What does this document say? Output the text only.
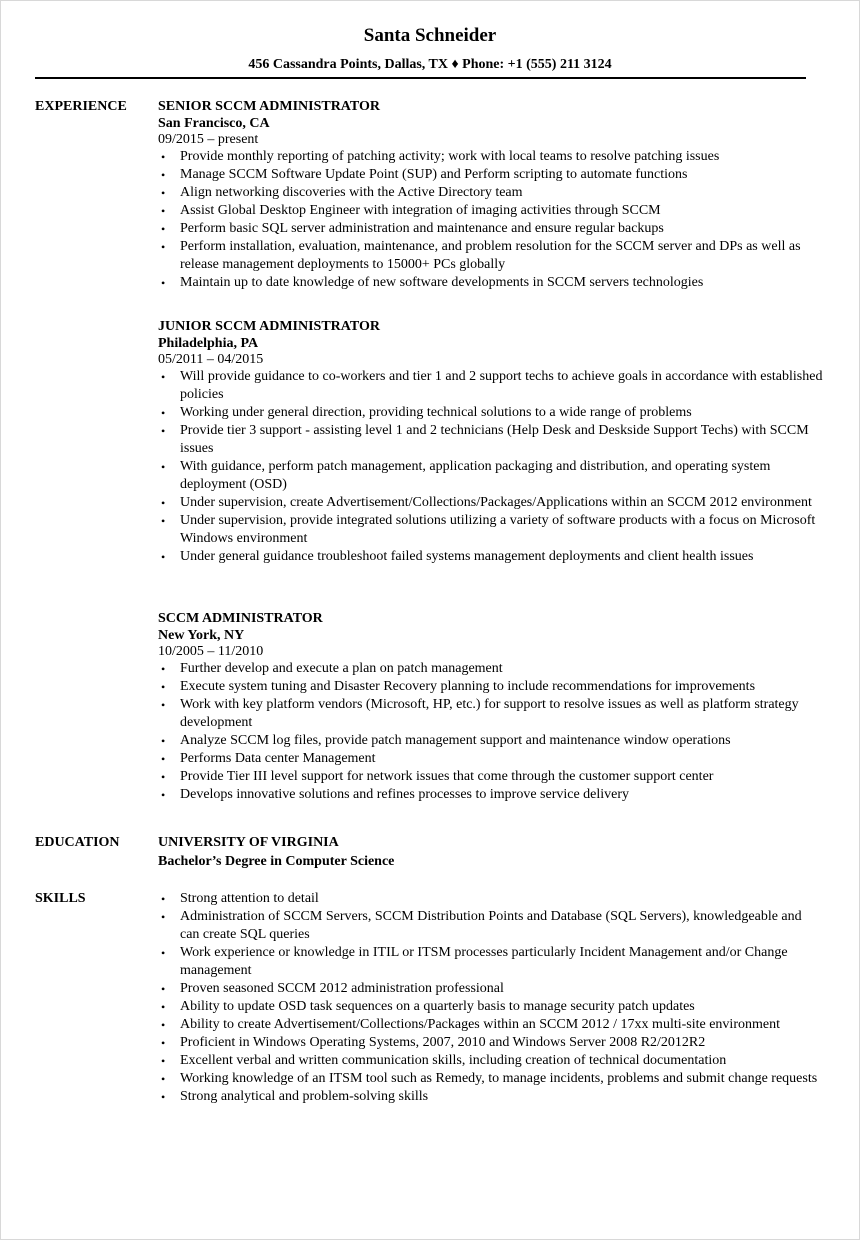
Santa Schneider
456 Cassandra Points, Dallas, TX ♦ Phone: +1 (555) 211 3124
EXPERIENCE	SENIOR SCCM ADMINISTRATOR
San Francisco, CA
09/2015 – present
• Provide monthly reporting of patching activity; work with local teams to resolve patching issues
• Manage SCCM Software Update Point (SUP) and Perform scripting to automate functions
• Align networking discoveries with the Active Directory team
• Assist Global Desktop Engineer with integration of imaging activities through SCCM
• Perform basic SQL server administration and maintenance and ensure regular backups
• Perform installation, evaluation, maintenance, and problem resolution for the SCCM server and DPs as well as release management deployments to 15000+ PCs globally
• Maintain up to date knowledge of new software developments in SCCM servers technologies
JUNIOR SCCM ADMINISTRATOR
Philadelphia, PA
05/2011 – 04/2015
• Will provide guidance to co-workers and tier 1 and 2 support techs to achieve goals in accordance with established policies
• Working under general direction, providing technical solutions to a wide range of problems
• Provide tier 3 support - assisting level 1 and 2 technicians (Help Desk and Deskside Support Techs) with SCCM issues
• With guidance, perform patch management, application packaging and distribution, and operating system deployment (OSD)
• Under supervision, create Advertisement/Collections/Packages/Applications within an SCCM 2012 environment
• Under supervision, provide integrated solutions utilizing a variety of software products with a focus on Microsoft Windows environment
• Under general guidance troubleshoot failed systems management deployments and client health issues
SCCM ADMINISTRATOR
New York, NY
10/2005 – 11/2010
• Further develop and execute a plan on patch management
• Execute system tuning and Disaster Recovery planning to include recommendations for improvements
• Work with key platform vendors (Microsoft, HP, etc.) for support to resolve issues as well as platform strategy development
• Analyze SCCM log files, provide patch management support and maintenance window operations
• Performs Data center Management
• Provide Tier III level support for network issues that come through the customer support center
• Develops innovative solutions and refines processes to improve service delivery
EDUCATION	UNIVERSITY OF VIRGINIA
Bachelor’s Degree in Computer Science
SKILLS	• Strong attention to detail
• Administration of SCCM Servers, SCCM Distribution Points and Database (SQL Servers), knowledgeable and can create SQL queries
• Work experience or knowledge in ITIL or ITSM processes particularly Incident Management and/or Change management
• Proven seasoned SCCM 2012 administration professional
• Ability to update OSD task sequences on a quarterly basis to manage security patch updates
• Ability to create Advertisement/Collections/Packages within an SCCM 2012 / 17xx multi-site environment
• Proficient in Windows Operating Systems, 2007, 2010 and Windows Server 2008 R2/2012R2
• Excellent verbal and written communication skills, including creation of technical documentation
• Working knowledge of an ITSM tool such as Remedy, to manage incidents, problems and submit change requests
• Strong analytical and problem-solving skills
